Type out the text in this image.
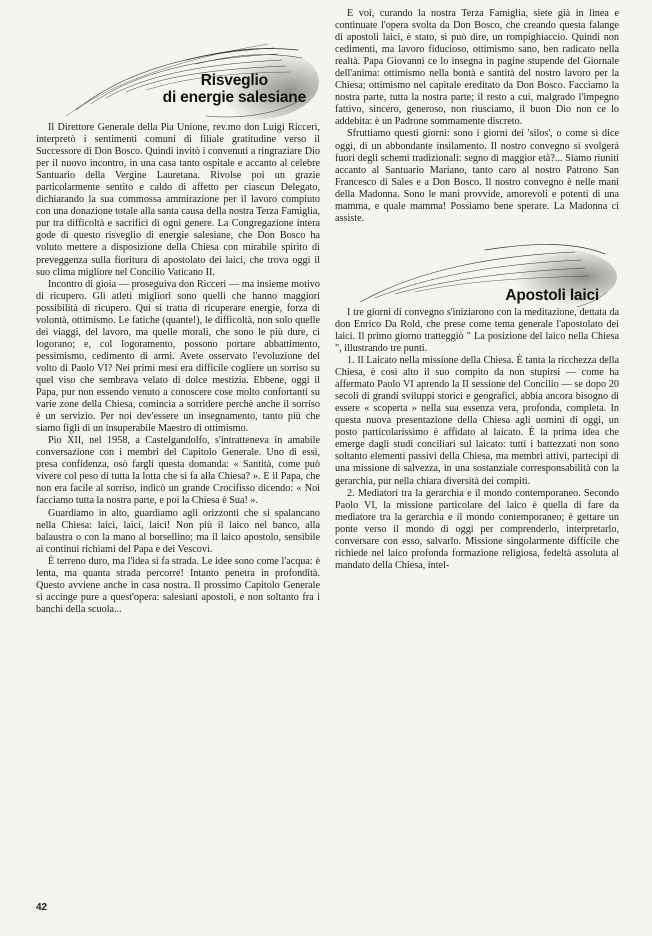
Risveglio
di energie salesiane

Il Direttore Generale della Pia Unione, rev.mo don Luigi Ricceri, interpretò i sentimenti comuni di filiale gratitudine verso il Successore di Don Bosco. Quindi invitò i convenuti a ringraziare Dio per il nuovo incontro, in una casa tanto ospitale e accanto al celebre Santuario della Vergine Lauretana. Rivolse poi un grazie particolarmente sentito e caldo di affetto per ciascun Delegato, dichiarando la sua commossa ammirazione per il lavoro compiuto con una donazione totale alla santa causa della nostra Terza Famiglia, pur tra difficoltà e sacrifici di ogni genere. La Congregazione intera gode di questo risveglio di energie salesiane, che Don Bosco ha voluto mettere a disposizione della Chiesa con mirabile spirito di preveggenza sulla fioritura di apostolato dei laici, che trova oggi il suo clima migliore nel Concilio Vaticano II.

Incontro di gioia — proseguiva don Ricceri — ma insieme motivo di ricupero. Gli atleti migliori sono quelli che hanno maggiori possibilità di ricupero. Qui si tratta di ricuperare energie, forza di volontà, ottimismo. Le fatiche (quante!), le difficoltà, non solo quelle dei viaggi, del lavoro, ma quelle morali, che sono le più dure, ci logorano; e, col logoramento, possono portare abbattimento, pessimismo, cedimento di armi. Avete osservato l'evoluzione del volto di Paolo VI? Nei primi mesi era difficile cogliere un sorriso su quel viso che sembrava velato di dolce mestizia. Ebbene, oggi il Papa, pur non essendo venuto a conoscere cose molto confortanti su varie zone della Chiesa, comincia a sorridere perchè anche il sorriso è un servizio. Per noi dev'essere un insegnamento, tanto più che siamo figli di un insuperabile Maestro di ottimismo.

Pio XII, nel 1958, a Castelgandolfo, s'intratteneva in amabile conversazione con i membri del Capitolo Generale. Uno di essi, presa confidenza, osò fargli questa domanda: « Santità, come può vivere col peso di tutta la lotta che si fa alla Chiesa? ». E il Papa, che non era facile al sorriso, indicò un grande Crocifisso dicendo: « Noi facciamo tutta la nostra parte, e poi la Chiesa è Sua! ».

Guardiamo in alto, guardiamo agli orizzonti che si spalancano nella Chiesa: laici, laici, laici! Non più il laico nel banco, alla balaustra o con la mano al borsellino; ma il laico apostolo, sensibile ai continui richiami del Papa e dei Vescovi.

È terreno duro, ma l'idea si fa strada. Le idee sono come l'acqua: è lenta, ma quanta strada percorre! Intanto penetra in profondità. Questo avviene anche in casa nostra. Il prossimo Capitolo Generale si accinge pure a quest'opera: salesiani apostoli, e non soltanto fra i banchi della scuola...

E voi, curando la nostra Terza Famiglia, siete già in linea e continuate l'opera svolta da Don Bosco, che creando questa falange di apostoli laici, è stato, si può dire, un rompighiaccio. Quindi non cedimenti, ma lavoro fiducioso, ottimismo sano, ben radicato nella realtà. Papa Giovanni ce lo insegna in pagine stupende del Giornale dell'anima: ottimismo nella bontà e santità del nostro lavoro per la Chiesa; ottimismo nel capitale ereditato da Don Bosco. Facciamo la nostra parte, tutta la nostra parte; il resto a cui, malgrado l'impegno fattivo, sincero, generoso, non riusciamo, il buon Dio non ce lo addebita: è un Padrone sommamente discreto.

Sfruttiamo questi giorni: sono i giorni dei 'silos', o come si dice oggi, di un abbondante insilamento. Il nostro convegno si svolgerà fuori degli schemi tradizionali: segno di maggior età?... Siamo riuniti accanto al Santuario Mariano, tanto caro al nostro Patrono San Francesco di Sales e a Don Bosco. Il nostro convegno è nelle mani della Madonna. Sono le mani provvide, amorevoli e potenti di una mamma, e quale mamma! Possiamo bene sperare. La Madonna ci assiste.

Apostoli laici

I tre giorni di convegno s'iniziarono con la meditazione, dettata da don Enrico Da Rold, che prese come tema generale l'apostolato dei laici. Il primo giorno tratteggiò " La posizione del laico nella Chiesa ", illustrando tre punti.

1. Il Laicato nella missione della Chiesa. È tanta la ricchezza della Chiesa, è così alto il suo compito da non stupirsi — come ha affermato Paolo VI aprendo la II sessione del Concilio — se dopo 20 secoli di grandi sviluppi storici e geografici, abbia ancora bisogno di essere « scoperta » nella sua essenza vera, profonda, completa. In questa nuova presentazione della Chiesa agli uomini di oggi, un posto particolarissimo è affidato al laicato. È la prima idea che emerge dagli studi conciliari sul laicato: tutti i battezzati non sono soltanto elementi passivi della Chiesa, ma membri attivi, partecipi di una missione di salvezza, in una sostanziale corresponsabilità con la gerarchia, pur nella chiara diversità dei compiti.

2. Mediatori tra la gerarchia e il mondo contemporaneo. Secondo Paolo VI, la missione particolare del laico è quella di fare da mediatore tra la gerarchia e il mondo contemporaneo; è gettare un ponte verso il mondo di oggi per comprenderlo, interpretarlo, conversare con esso, salvarlo. Missione singolarmente difficile che richiede nel laico profonda formazione religiosa, fedeltà assoluta al mandato della Chiesa, intel-

42
